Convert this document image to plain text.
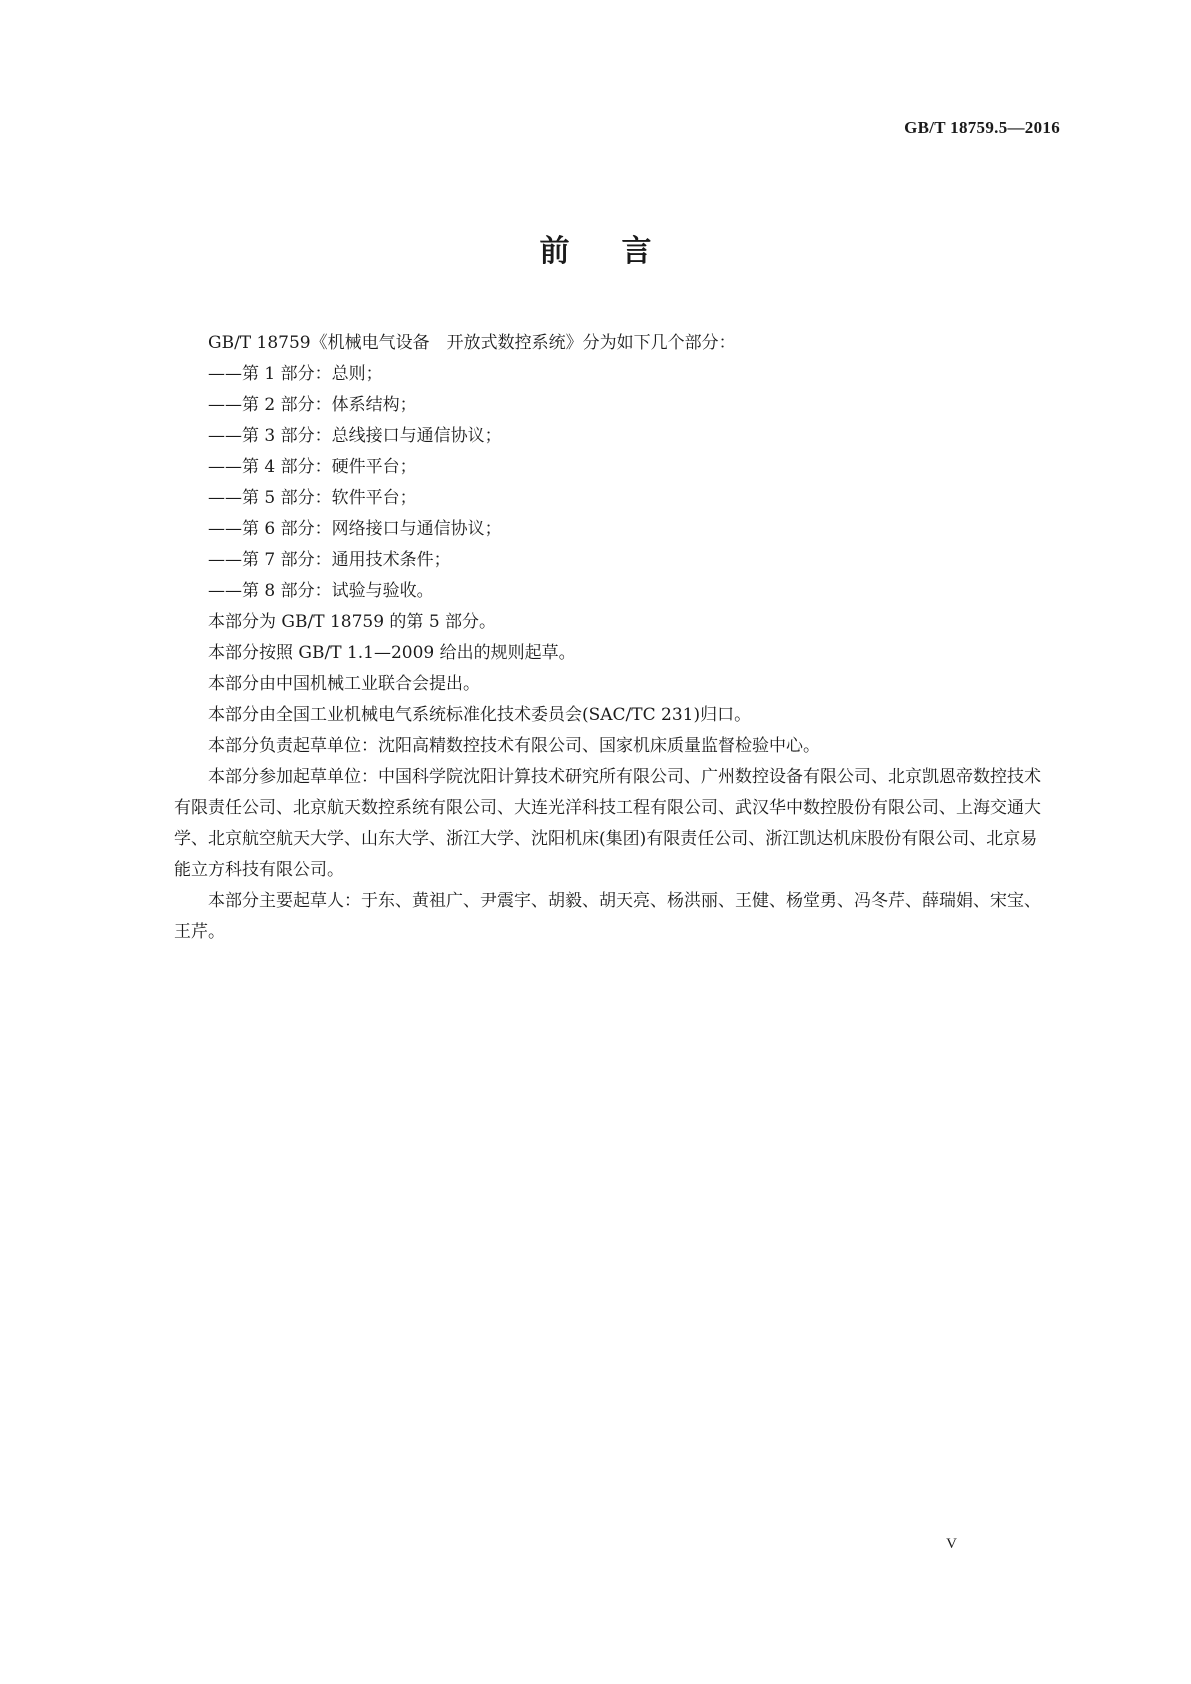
GB/T 18759.5—2016
前言

GB/T 18759《机械电气设备　开放式数控系统》分为如下几个部分：

——第 1 部分：总则；

——第 2 部分：体系结构；

——第 3 部分：总线接口与通信协议；

——第 4 部分：硬件平台；

——第 5 部分：软件平台；

——第 6 部分：网络接口与通信协议；

——第 7 部分：通用技术条件；

——第 8 部分：试验与验收。

本部分为 GB/T 18759 的第 5 部分。

本部分按照 GB/T 1.1—2009 给出的规则起草。

本部分由中国机械工业联合会提出。

本部分由全国工业机械电气系统标准化技术委员会(SAC/TC 231)归口。

本部分负责起草单位：沈阳高精数控技术有限公司、国家机床质量监督检验中心。

本部分参加起草单位：中国科学院沈阳计算技术研究所有限公司、广州数控设备有限公司、北京凯恩帝数控技术有限责任公司、北京航天数控系统有限公司、大连光洋科技工程有限公司、武汉华中数控股份有限公司、上海交通大学、北京航空航天大学、山东大学、浙江大学、沈阳机床(集团)有限责任公司、浙江凯达机床股份有限公司、北京易能立方科技有限公司。

本部分主要起草人：于东、黄祖广、尹震宇、胡毅、胡天亮、杨洪丽、王健、杨堂勇、冯冬芹、薛瑞娟、宋宝、王芹。

V
